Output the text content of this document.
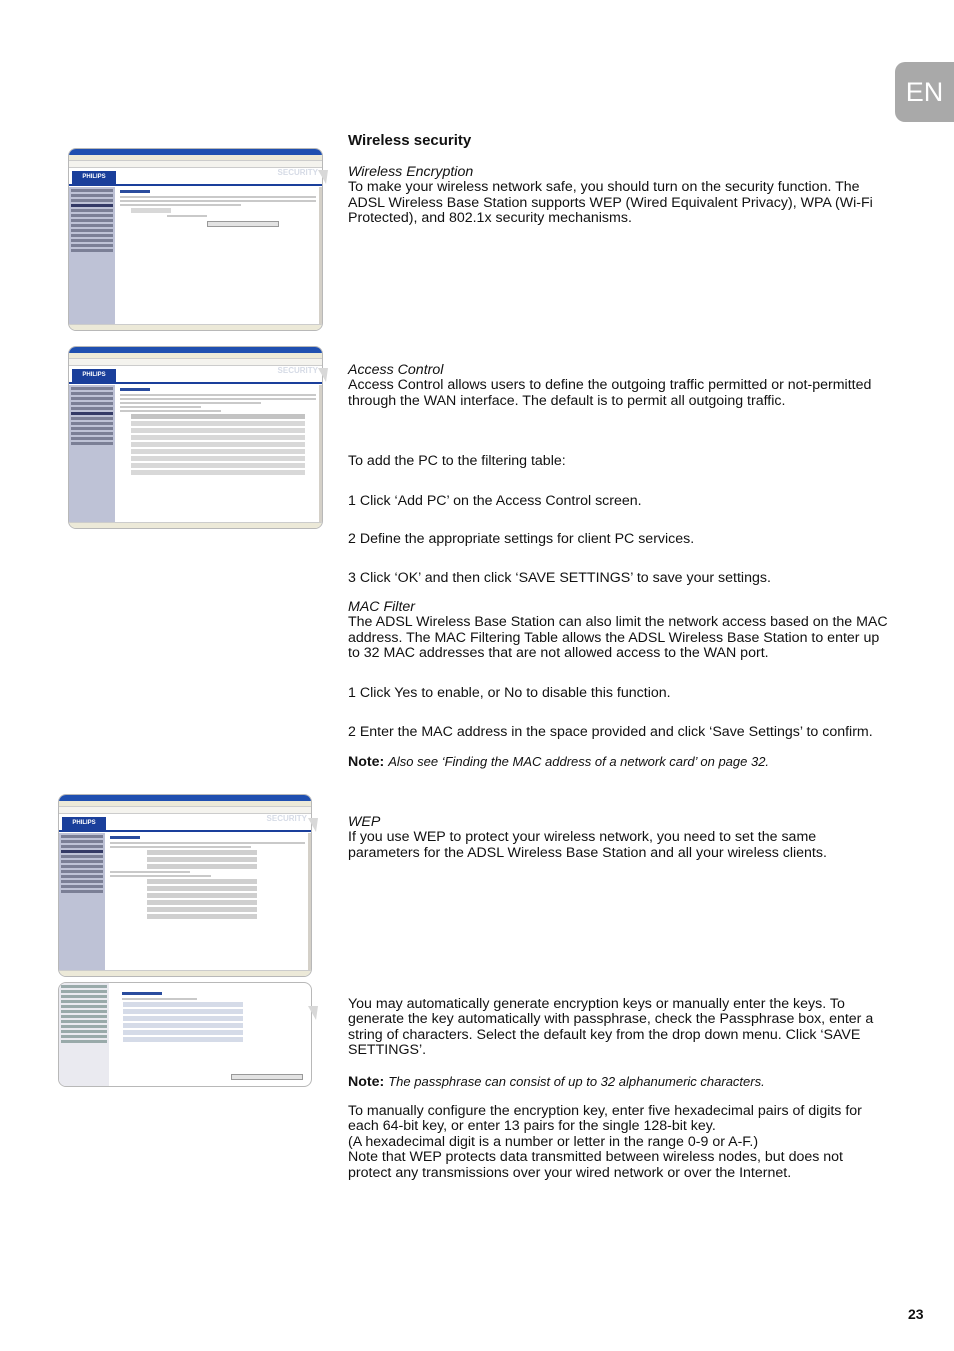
EN
PHILIPS	SECURITY
PHILIPS	SECURITY
PHILIPS	SECURITY

Wireless security

Wireless Encryption

To make your wireless network safe, you should turn on the security function. The ADSL Wireless Base Station supports WEP (Wired Equivalent Privacy), WPA (Wi-Fi Protected), and 802.1x security mechanisms.

Access Control

Access Control allows users to define the outgoing traffic permitted or not-permitted through the WAN interface. The default is to permit all outgoing traffic.

To add the PC to the filtering table:

1 Click ‘Add PC’ on the Access Control screen.

2 Define the appropriate settings for client PC services.

3 Click ‘OK’ and then click ‘SAVE SETTINGS’ to save your settings.

MAC Filter

The ADSL Wireless Base Station can also limit the network access based on the MAC address. The MAC Filtering Table allows the ADSL Wireless Base Station to enter up to 32 MAC addresses that are not allowed access to the WAN port.

1 Click Yes to enable, or No to disable this function.

2 Enter the MAC address in the space provided and click ‘Save Settings’ to confirm.

Note: Also see ‘Finding the MAC address of a network card’ on page 32.

WEP

If you use WEP to protect your wireless network, you need to set the same parameters for the ADSL Wireless Base Station and all your wireless clients.

You may automatically generate encryption keys or manually enter the keys. To generate the key automatically with passphrase, check the Passphrase box, enter a string of characters. Select the default key from the drop down menu. Click ‘SAVE SETTINGS’.

Note: The passphrase can consist of up to 32 alphanumeric characters.

To manually configure the encryption key, enter five hexadecimal pairs of digits for each 64-bit key, or enter 13 pairs for the single 128-bit key.

(A hexadecimal digit is a number or letter in the range 0-9 or A-F.)

Note that WEP protects data transmitted between wireless nodes, but does not protect any transmissions over your wired network or over the Internet.

23
